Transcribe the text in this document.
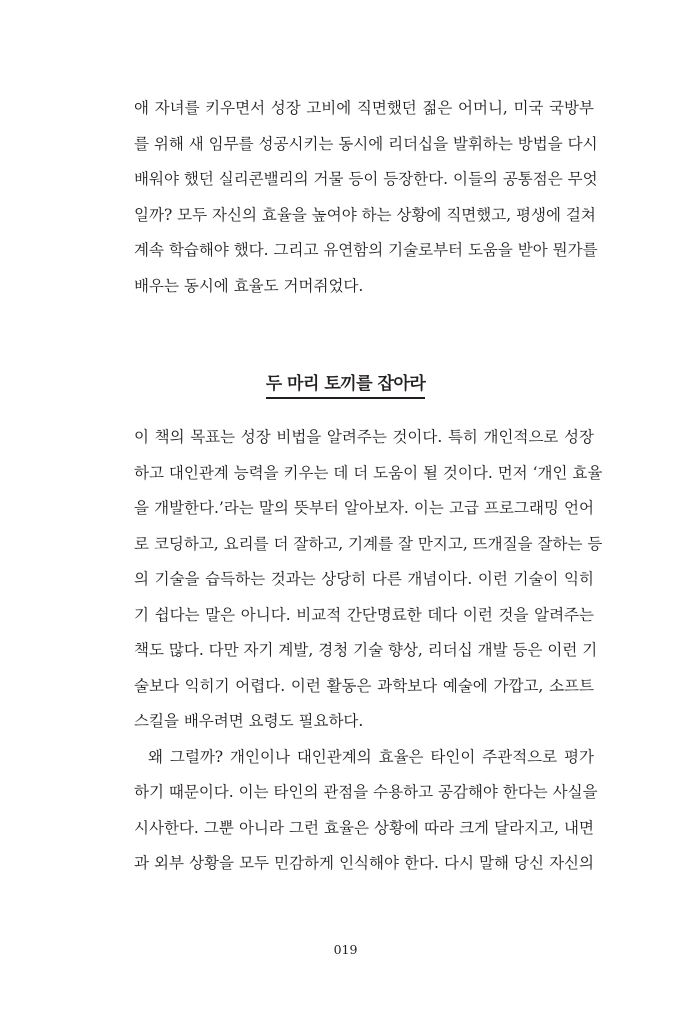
애 자녀를 키우면서 성장 고비에 직면했던 젊은 어머니, 미국 국방부
를 위해 새 임무를 성공시키는 동시에 리더십을 발휘하는 방법을 다시
배워야 했던 실리콘밸리의 거물 등이 등장한다. 이들의 공통점은 무엇
일까? 모두 자신의 효율을 높여야 하는 상황에 직면했고, 평생에 걸쳐
계속 학습해야 했다. 그리고 유연함의 기술로부터 도움을 받아 뭔가를
배우는 동시에 효율도 거머쥐었다.
두 마리 토끼를 잡아라
이 책의 목표는 성장 비법을 알려주는 것이다. 특히 개인적으로 성장
하고 대인관계 능력을 키우는 데 더 도움이 될 것이다. 먼저 ‘개인 효율
을 개발한다.’라는 말의 뜻부터 알아보자. 이는 고급 프로그래밍 언어
로 코딩하고, 요리를 더 잘하고, 기계를 잘 만지고, 뜨개질을 잘하는 등
의 기술을 습득하는 것과는 상당히 다른 개념이다. 이런 기술이 익히
기 쉽다는 말은 아니다. 비교적 간단명료한 데다 이런 것을 알려주는
책도 많다. 다만 자기 계발, 경청 기술 향상, 리더십 개발 등은 이런 기
술보다 익히기 어렵다. 이런 활동은 과학보다 예술에 가깝고, 소프트
스킬을 배우려면 요령도 필요하다.
왜 그럴까? 개인이나 대인관계의 효율은 타인이 주관적으로 평가
하기 때문이다. 이는 타인의 관점을 수용하고 공감해야 한다는 사실을
시사한다. 그뿐 아니라 그런 효율은 상황에 따라 크게 달라지고, 내면
과 외부 상황을 모두 민감하게 인식해야 한다. 다시 말해 당신 자신의
019
